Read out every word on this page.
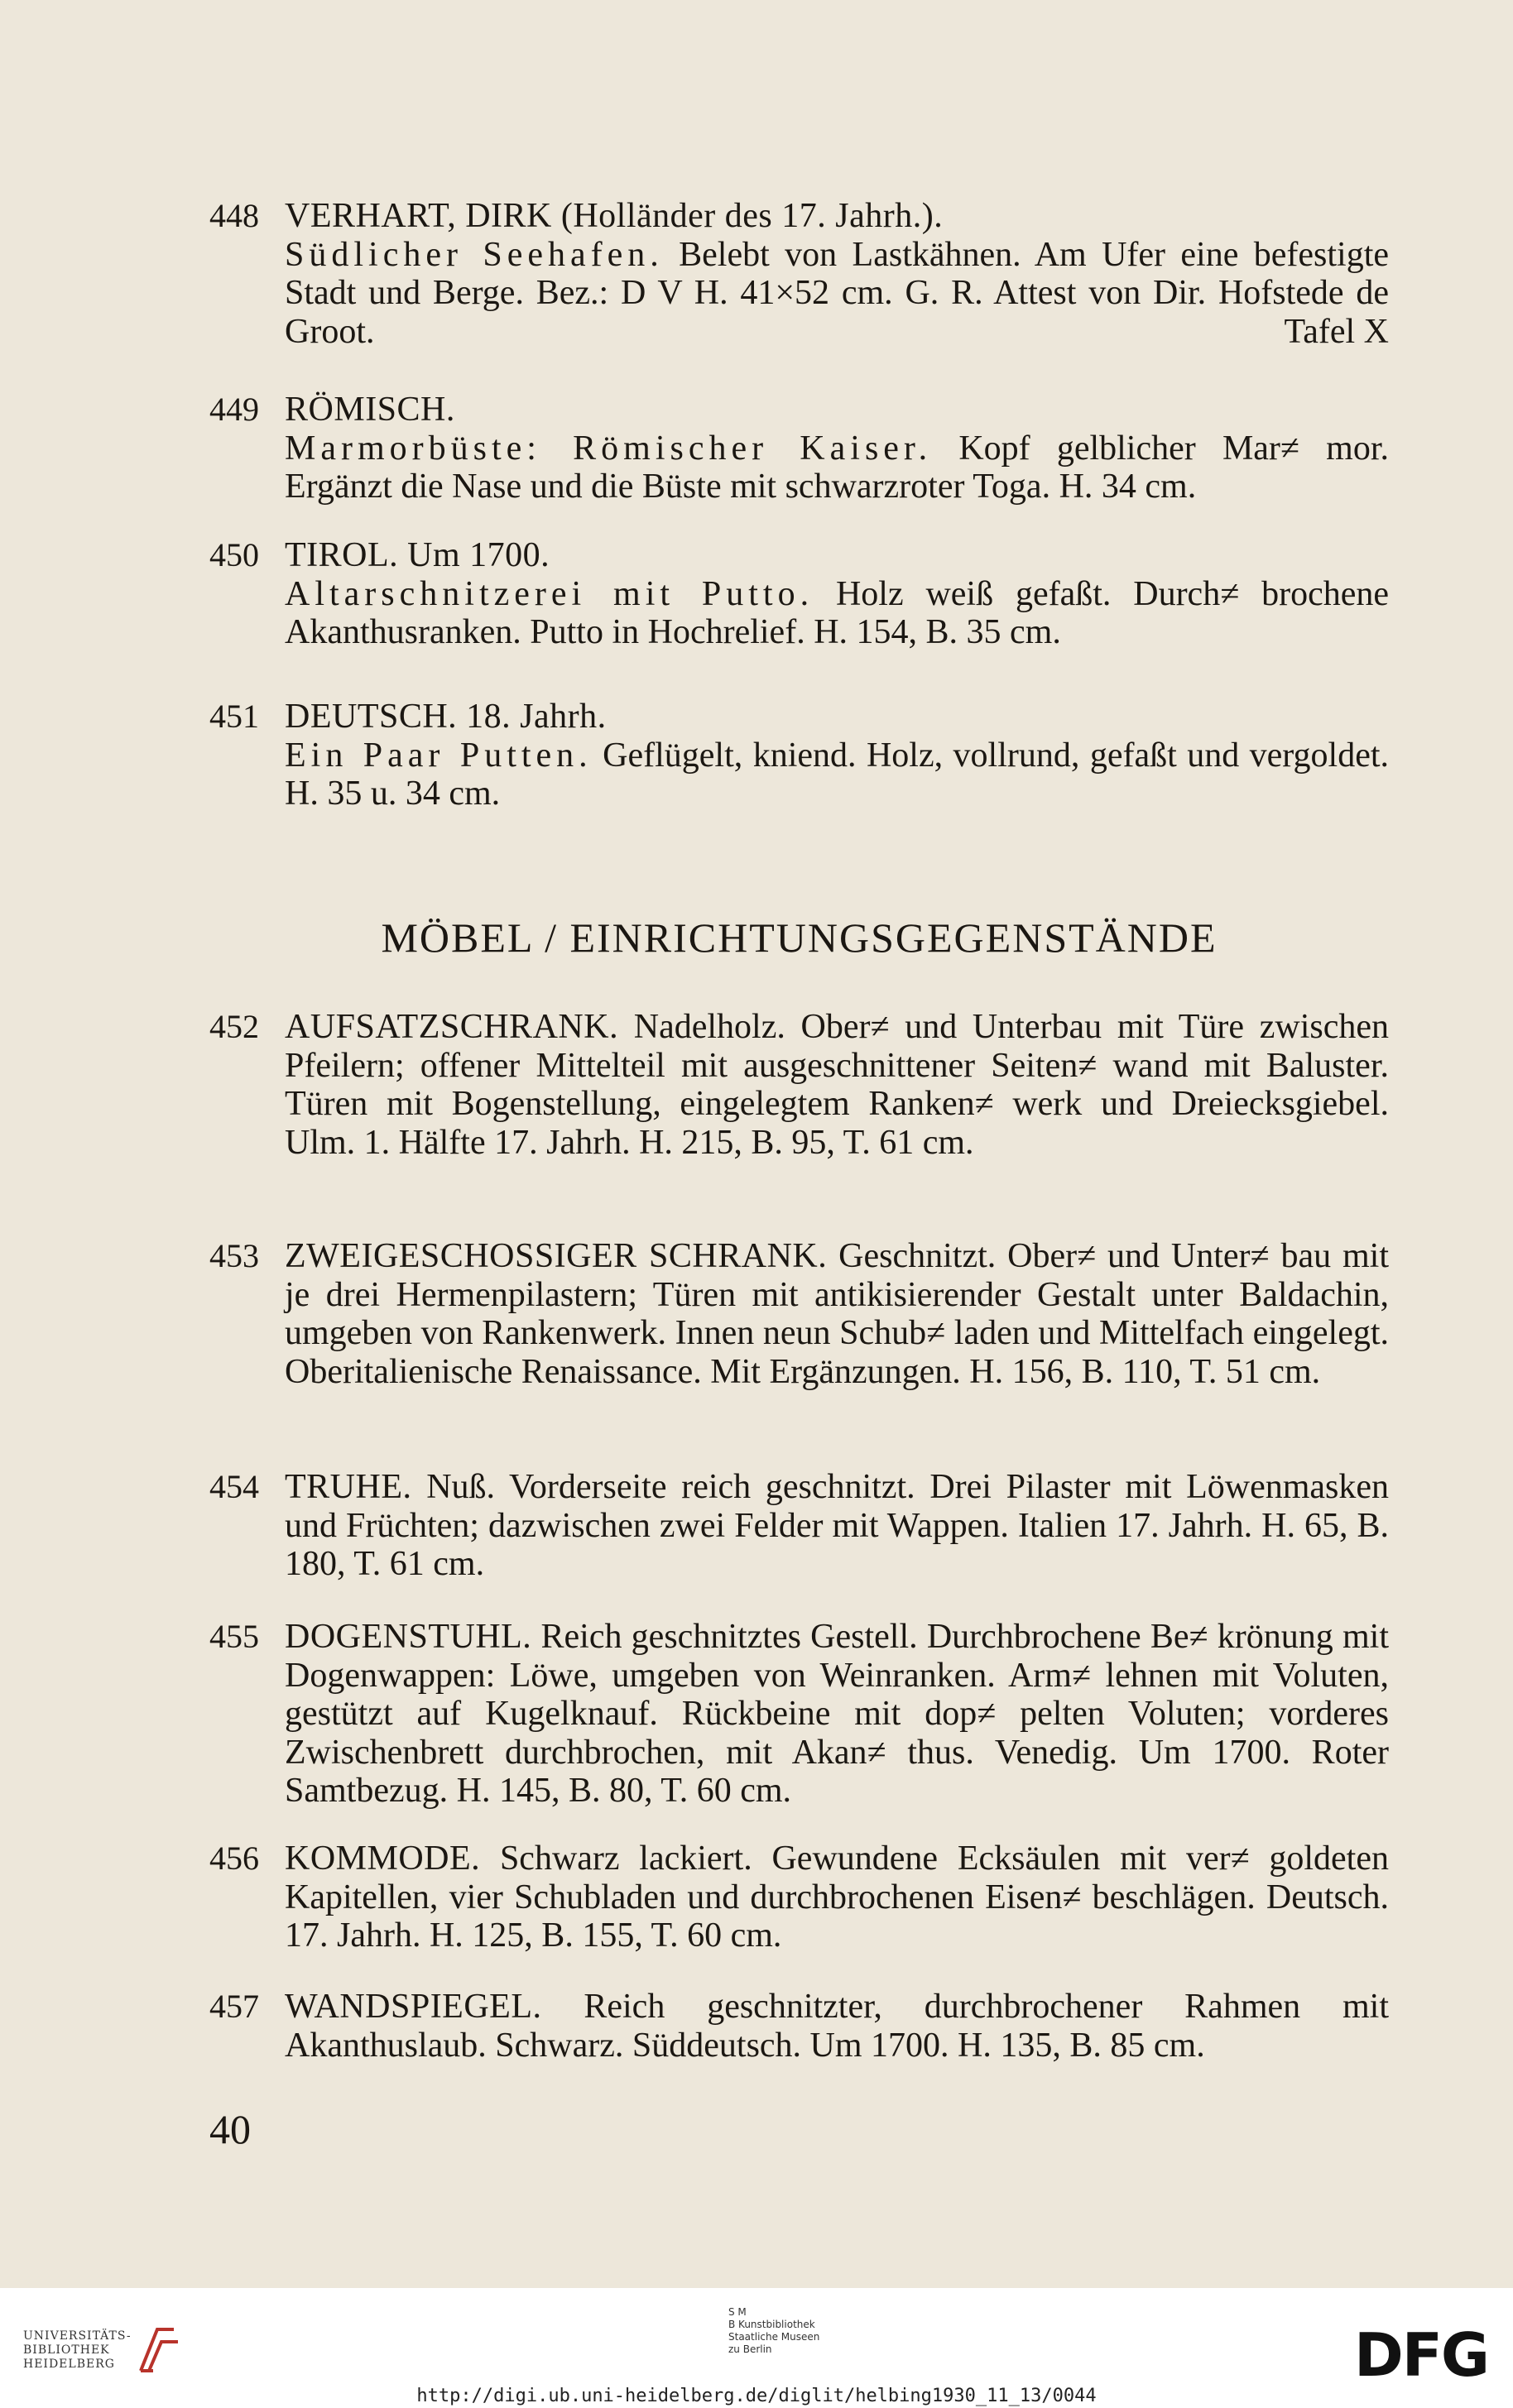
448 VERHART, DIRK (Holländer des 17. Jahrh.).
Südlicher Seehafen. Belebt von Lastkähnen. Am Ufer eine befestigte Stadt und Berge. Bez.: D V H. 41×52 cm. G. R. Attest von Dir. Hofstede de Groot.	Tafel X
449 RÖMISCH.
Marmorbüste: Römischer Kaiser. Kopf gelblicher Mar≠ mor. Ergänzt die Nase und die Büste mit schwarzroter Toga. H. 34 cm.
450 TIROL. Um 1700.
Altarschnitzerei mit Putto. Holz weiß gefaßt. Durch≠ brochene Akanthusranken. Putto in Hochrelief. H. 154, B. 35 cm.
451 DEUTSCH. 18. Jahrh.
Ein Paar Putten. Geflügelt, kniend. Holz, vollrund, gefaßt und vergoldet. H. 35 u. 34 cm.
452 AUFSATZSCHRANK. Nadelholz. Ober≠ und Unterbau mit Türe zwischen Pfeilern; offener Mittelteil mit ausgeschnittener Seiten≠ wand mit Baluster. Türen mit Bogenstellung, eingelegtem Ranken≠ werk und Dreiecksgiebel. Ulm. 1. Hälfte 17. Jahrh. H. 215, B. 95, T. 61 cm.
453 ZWEIGESCHOSSIGER SCHRANK. Geschnitzt. Ober≠ und Unter≠ bau mit je drei Hermenpilastern; Türen mit antikisierender Gestalt unter Baldachin, umgeben von Rankenwerk. Innen neun Schub≠ laden und Mittelfach eingelegt. Oberitalienische Renaissance. Mit Ergänzungen. H. 156, B. 110, T. 51 cm.
454 TRUHE. Nuß. Vorderseite reich geschnitzt. Drei Pilaster mit Löwenmasken und Früchten; dazwischen zwei Felder mit Wappen. Italien 17. Jahrh. H. 65, B. 180, T. 61 cm.
455 DOGENSTUHL. Reich geschnitztes Gestell. Durchbrochene Be≠ krönung mit Dogenwappen: Löwe, umgeben von Weinranken. Arm≠ lehnen mit Voluten, gestützt auf Kugelknauf. Rückbeine mit dop≠ pelten Voluten; vorderes Zwischenbrett durchbrochen, mit Akan≠ thus. Venedig. Um 1700. Roter Samtbezug. H. 145, B. 80, T. 60 cm.
456 KOMMODE. Schwarz lackiert. Gewundene Ecksäulen mit ver≠ goldeten Kapitellen, vier Schubladen und durchbrochenen Eisen≠ beschlägen. Deutsch. 17. Jahrh. H. 125, B. 155, T. 60 cm.
457 WANDSPIEGEL. Reich geschnitzter, durchbrochener Rahmen mit Akanthuslaub. Schwarz. Süddeutsch. Um 1700. H. 135, B. 85 cm.
MÖBEL / EINRICHTUNGSGEGENSTÄNDE
40
UNIVERSITÄTS-
BIBLIOTHEK
HEIDELBERG
S M
B Kunstbibliothek
Staatliche Museen
zu Berlin	DFG
http://digi.ub.uni-heidelberg.de/diglit/helbing1930_11_13/0044
